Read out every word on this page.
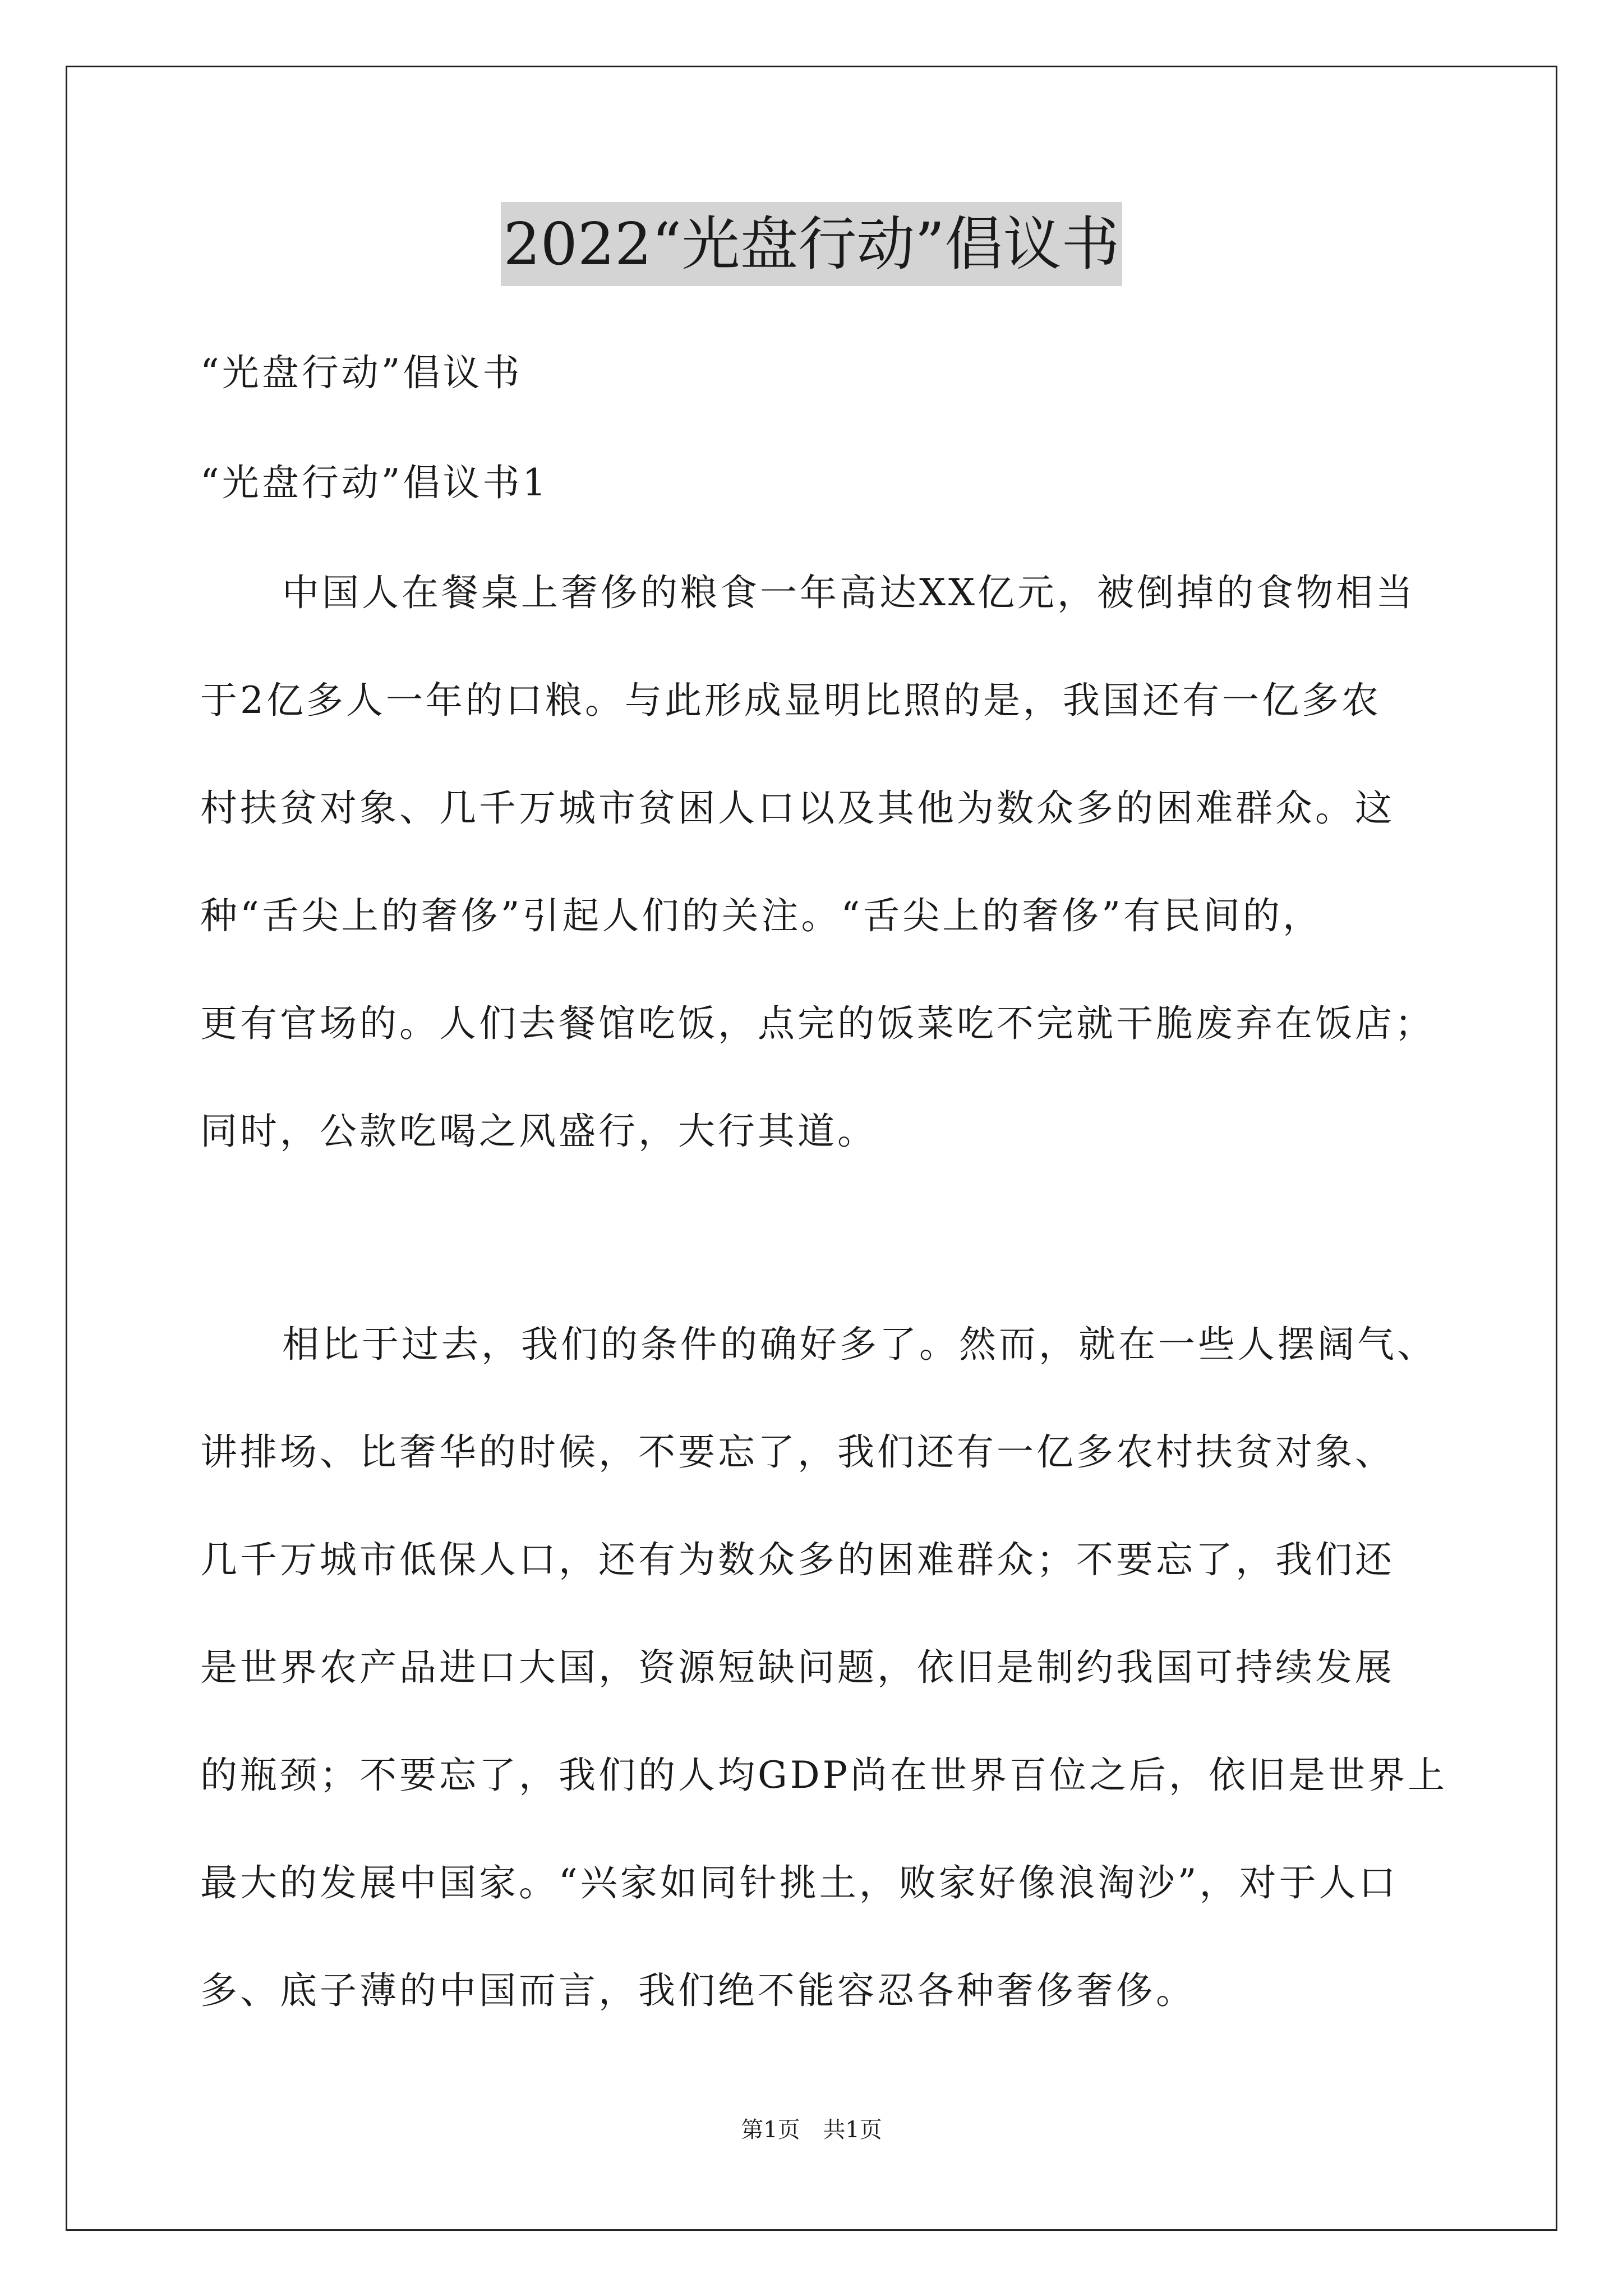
2022“光盘行动”倡议书
“光盘行动”倡议书
“光盘行动”倡议书1
中国人在餐桌上奢侈的粮食一年高达XX亿元，被倒掉的食物相当
于2亿多人一年的口粮。与此形成显明比照的是，我国还有一亿多农
村扶贫对象、几千万城市贫困人口以及其他为数众多的困难群众。这
种“舌尖上的奢侈”引起人们的关注。“舌尖上的奢侈”有民间的，
更有官场的。人们去餐馆吃饭，点完的饭菜吃不完就干脆废弃在饭店；
同时，公款吃喝之风盛行，大行其道。
相比于过去，我们的条件的确好多了。然而，就在一些人摆阔气、
讲排场、比奢华的时候，不要忘了，我们还有一亿多农村扶贫对象、
几千万城市低保人口，还有为数众多的困难群众；不要忘了，我们还
是世界农产品进口大国，资源短缺问题，依旧是制约我国可持续发展
的瓶颈；不要忘了，我们的人均GDP尚在世界百位之后，依旧是世界上
最大的发展中国家。“兴家如同针挑土，败家好像浪淘沙”，对于人口
多、底子薄的中国而言，我们绝不能容忍各种奢侈奢侈。
第1页 共1页
